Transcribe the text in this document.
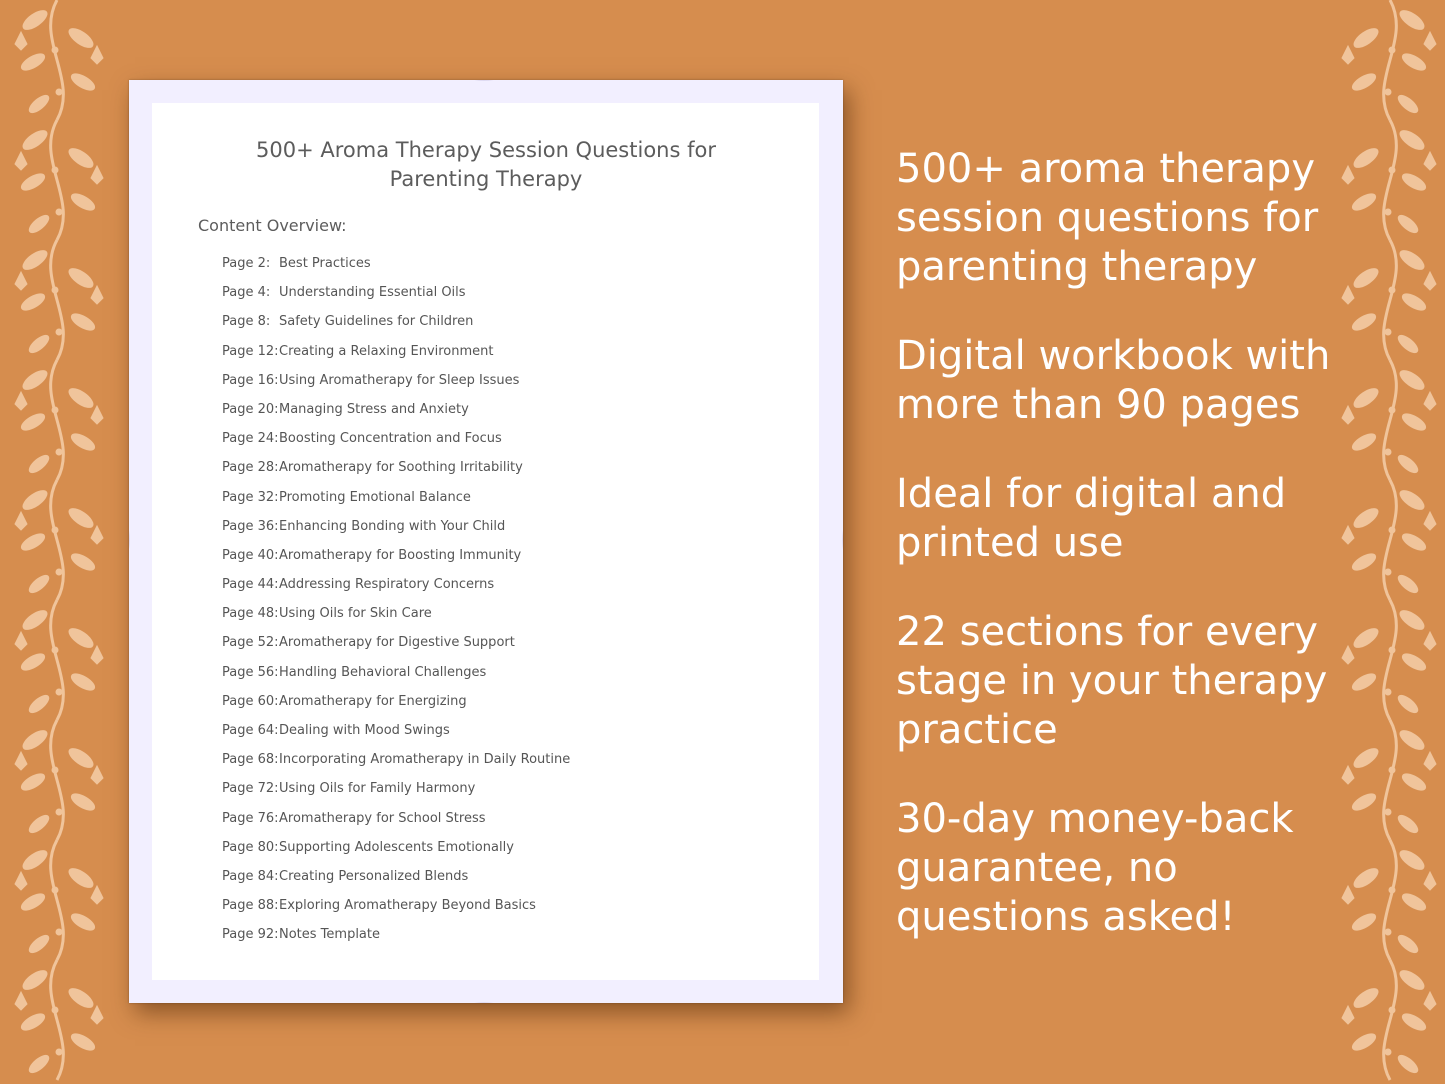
500+ Aroma Therapy Session Questions for Parenting Therapy
Content Overview:
Page 2: Best Practices
Page 4: Understanding Essential Oils
Page 8: Safety Guidelines for Children
Page 12:Creating a Relaxing Environment
Page 16:Using Aromatherapy for Sleep Issues
Page 20:Managing Stress and Anxiety
Page 24:Boosting Concentration and Focus
Page 28:Aromatherapy for Soothing Irritability
Page 32:Promoting Emotional Balance
Page 36:Enhancing Bonding with Your Child
Page 40:Aromatherapy for Boosting Immunity
Page 44:Addressing Respiratory Concerns
Page 48:Using Oils for Skin Care
Page 52:Aromatherapy for Digestive Support
Page 56:Handling Behavioral Challenges
Page 60:Aromatherapy for Energizing
Page 64:Dealing with Mood Swings
Page 68:Incorporating Aromatherapy in Daily Routine
Page 72:Using Oils for Family Harmony
Page 76:Aromatherapy for School Stress
Page 80:Supporting Adolescents Emotionally
Page 84:Creating Personalized Blends
Page 88:Exploring Aromatherapy Beyond Basics
Page 92:Notes Template

500+ aroma therapy session questions for parenting therapy

Digital workbook with more than 90 pages

Ideal for digital and printed use

22 sections for every stage in your therapy practice

30-day money-back guarantee, no questions asked!
